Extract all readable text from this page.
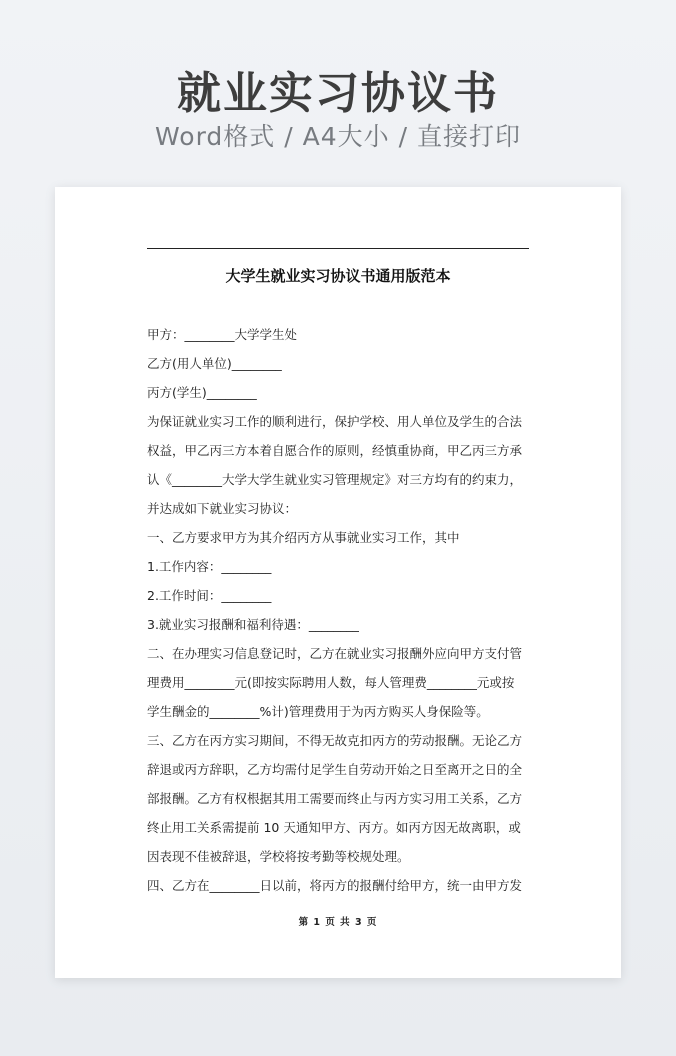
就业实习协议书
Word格式 / A4大小 / 直接打印
大学生就业实习协议书通用版范本

甲方：________大学学生处

乙方(用人单位)________

丙方(学生)________

为保证就业实习工作的顺利进行，保护学校、用人单位及学生的合法

权益，甲乙丙三方本着自愿合作的原则，经慎重协商，甲乙丙三方承

认《________大学大学生就业实习管理规定》对三方均有的约束力，

并达成如下就业实习协议：

一、乙方要求甲方为其介绍丙方从事就业实习工作，其中

1.工作内容：________

2.工作时间：________

3.就业实习报酬和福利待遇：________

二、在办理实习信息登记时，乙方在就业实习报酬外应向甲方支付管

理费用________元(即按实际聘用人数，每人管理费________元或按

学生酬金的________%计)管理费用于为丙方购买人身保险等。

三、乙方在丙方实习期间，不得无故克扣丙方的劳动报酬。无论乙方

辞退或丙方辞职，乙方均需付足学生自劳动开始之日至离开之日的全

部报酬。乙方有权根据其用工需要而终止与丙方实习用工关系，乙方

终止用工关系需提前 10 天通知甲方、丙方。如丙方因无故离职，或

因表现不佳被辞退，学校将按考勤等校规处理。

四、乙方在________日以前，将丙方的报酬付给甲方，统一由甲方发

第 1 页 共 3 页
